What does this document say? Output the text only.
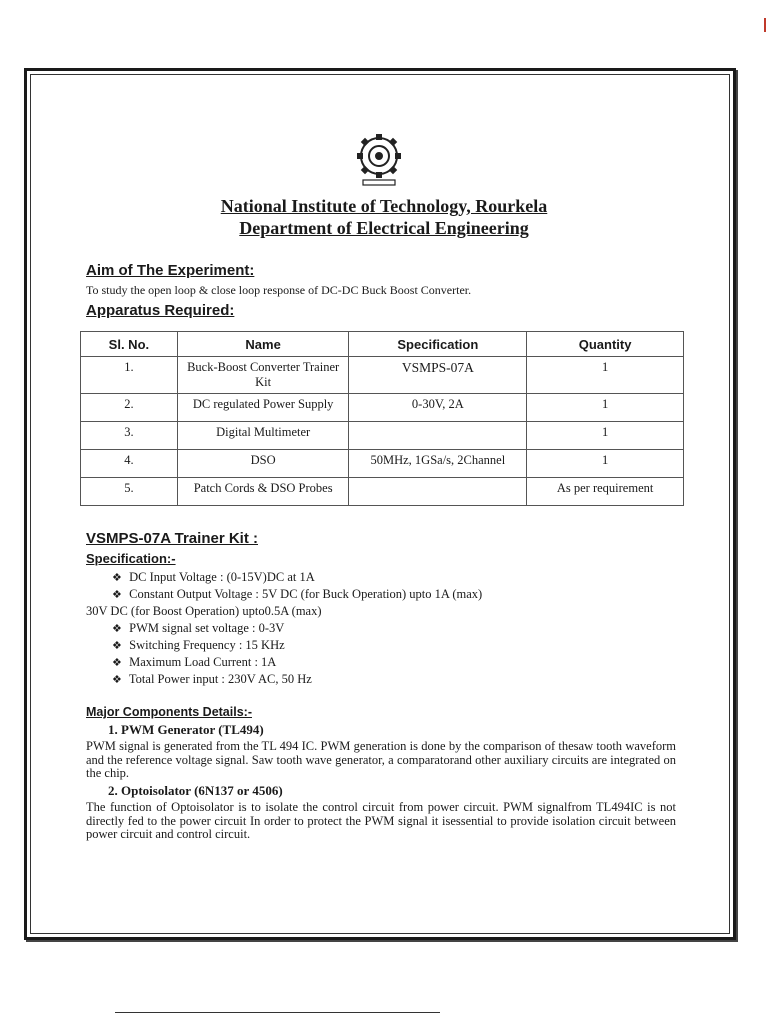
National Institute of Technology, Rourkela
Department of Electrical Engineering
Aim of The Experiment:
To study the open loop & close loop response of DC-DC Buck Boost Converter.
Apparatus Required:
Sl. No.	Name	Specification	Quantity
1.	Buck-Boost Converter Trainer Kit	VSMPS-07A	1
2.	DC regulated Power Supply	0-30V, 2A	1
3.	Digital Multimeter		1
4.	DSO	50MHz, 1GSa/s, 2Channel	1
5.	Patch Cords & DSO Probes		As per requirement
VSMPS-07A Trainer Kit :
Specification:-
❖ DC Input Voltage : (0-15V)DC at 1A
❖ Constant Output Voltage : 5V DC (for Buck Operation) upto 1A (max)
30V DC (for Boost Operation) upto0.5A (max)
❖ PWM signal set voltage : 0-3V
❖ Switching Frequency : 15 KHz
❖ Maximum Load Current : 1A
❖ Total Power input : 230V AC, 50 Hz
Major Components Details:-
1. PWM Generator (TL494)
PWM signal is generated from the TL 494 IC. PWM generation is done by the comparison of thesaw tooth waveform and the reference voltage signal. Saw tooth wave generator, a comparatorand other auxiliary circuits are integrated on the chip.
2. Optoisolator (6N137 or 4506)
The function of Optoisolator is to isolate the control circuit from power circuit. PWM signalfrom TL494IC is not directly fed to the power circuit In order to protect the PWM signal it isessential to provide isolation circuit between power circuit and control circuit.
